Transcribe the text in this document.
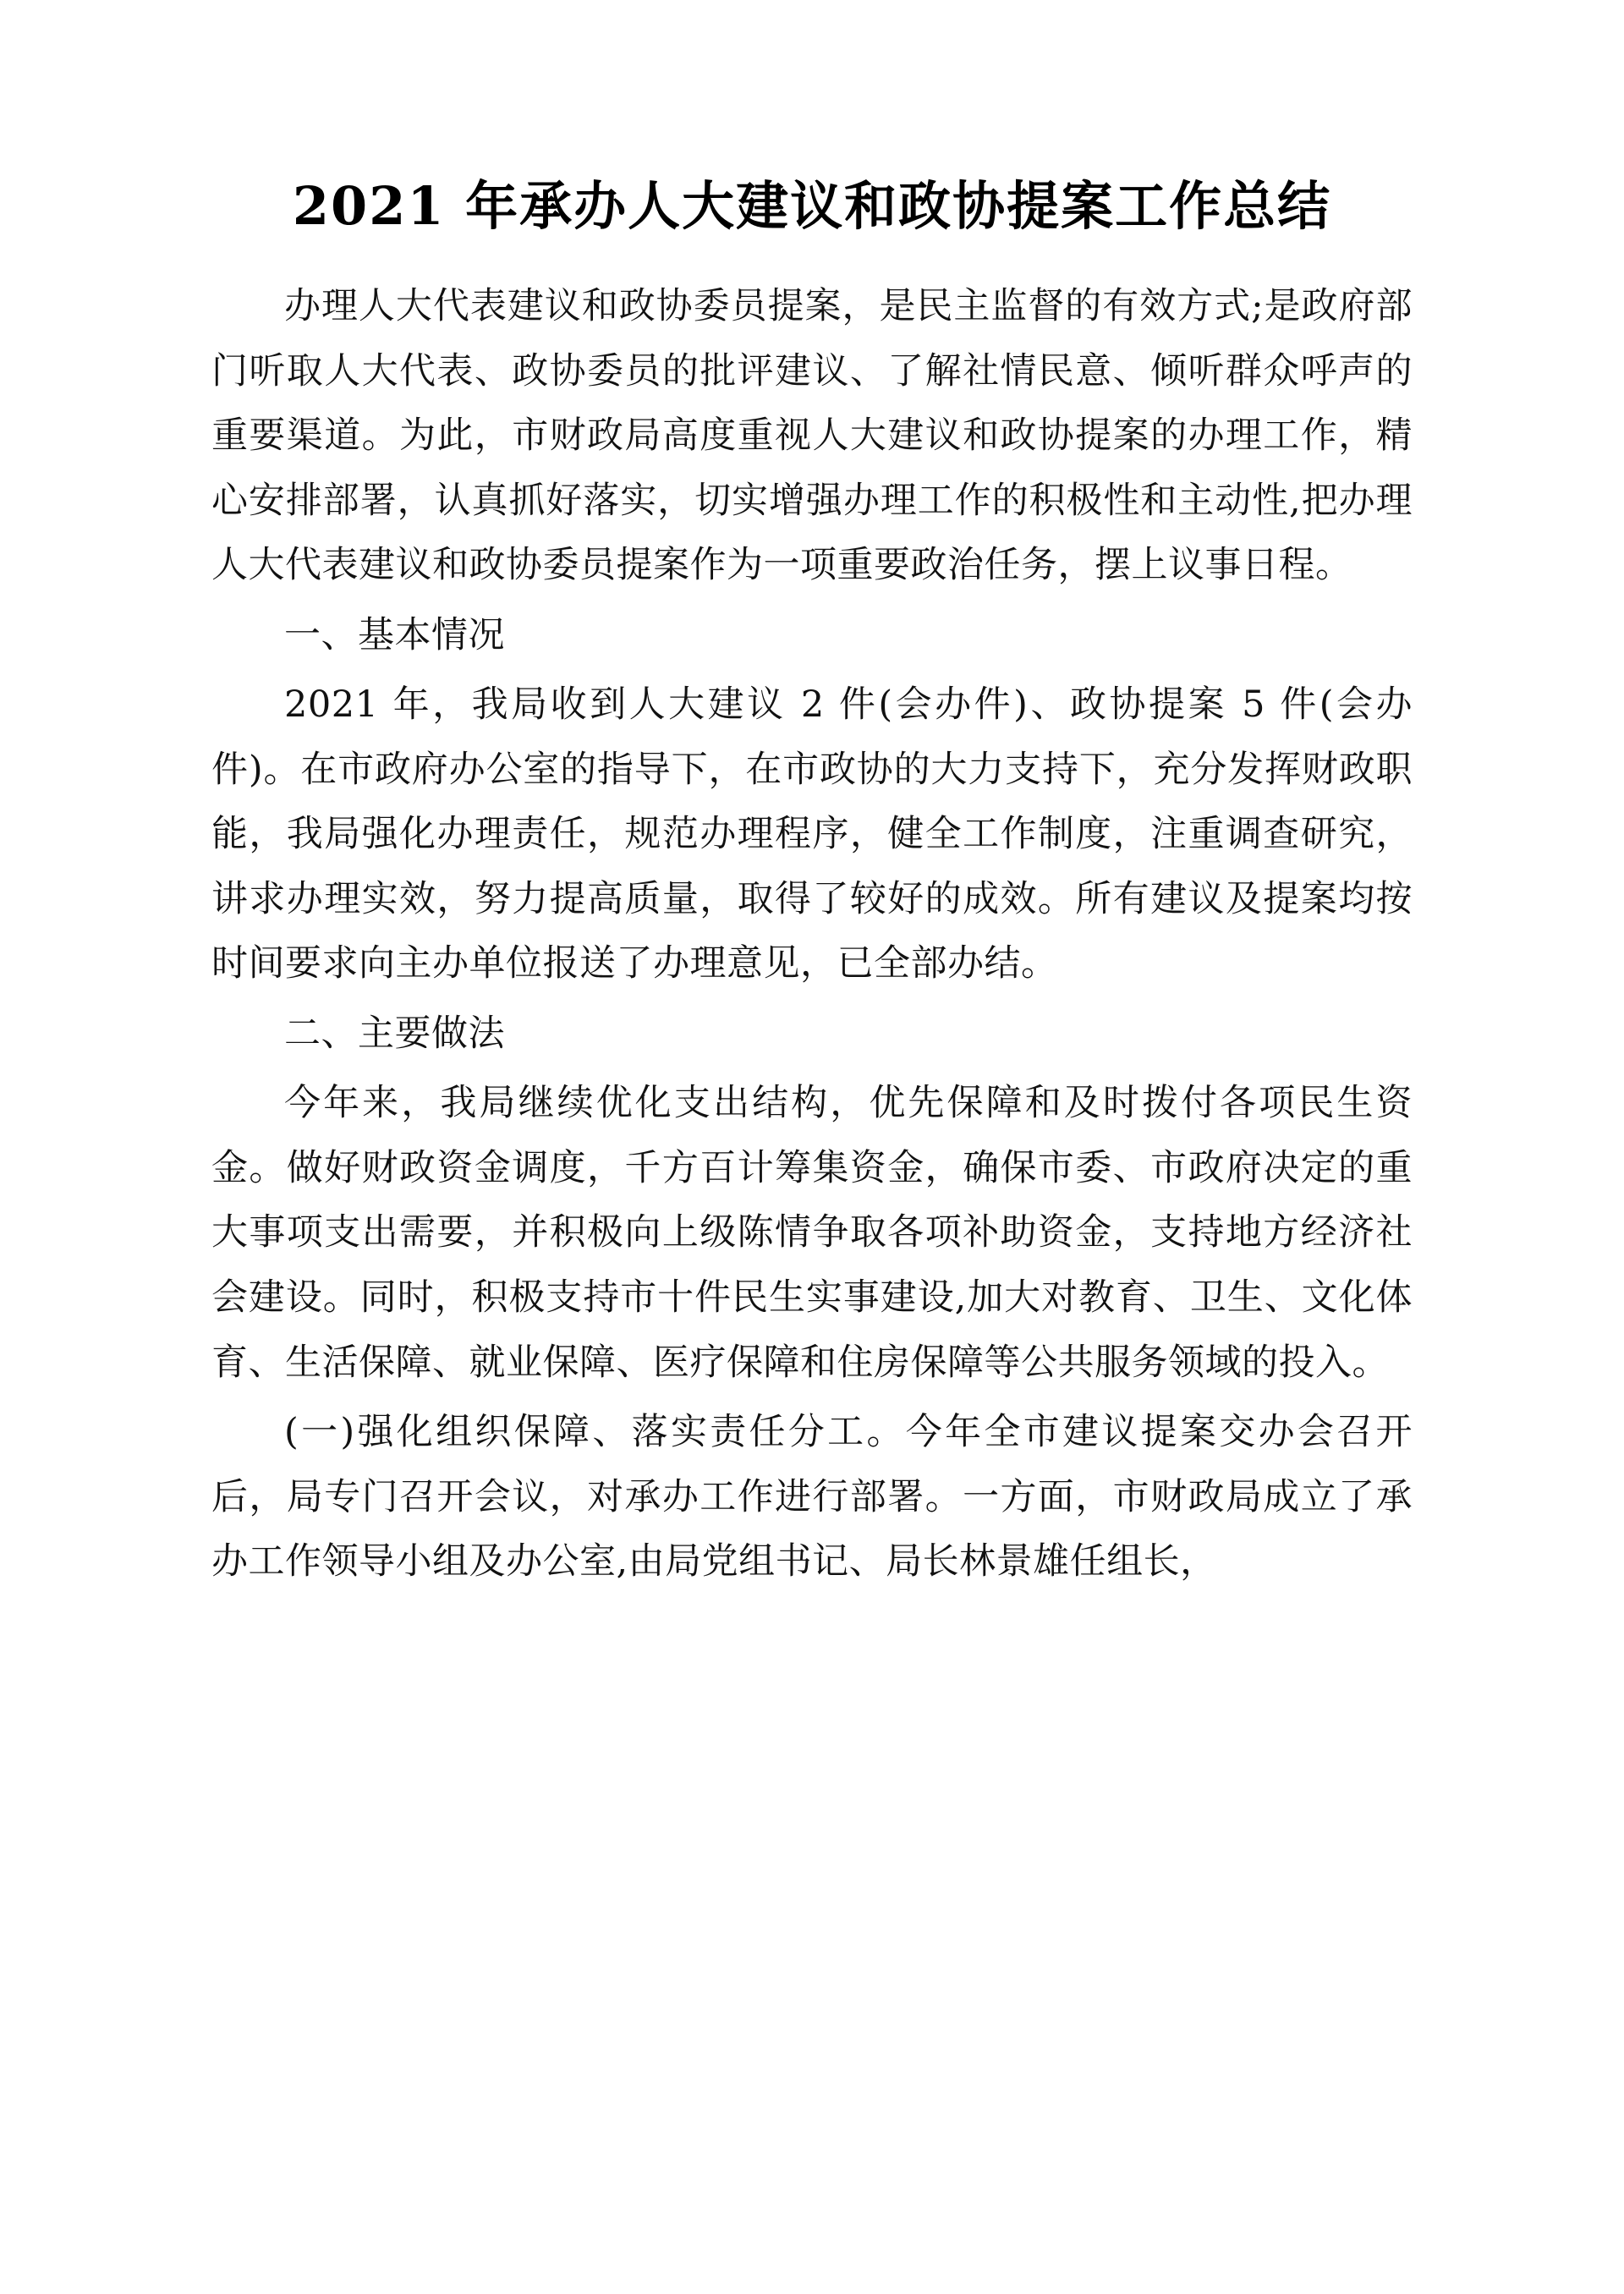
2021 年承办人大建议和政协提案工作总结

办理人大代表建议和政协委员提案，是民主监督的有效方式;是政府部门听取人大代表、政协委员的批评建议、了解社情民意、倾听群众呼声的重要渠道。为此，市财政局高度重视人大建议和政协提案的办理工作，精心安排部署，认真抓好落实，切实增强办理工作的积极性和主动性,把办理人大代表建议和政协委员提案作为一项重要政治任务，摆上议事日程。

一、基本情况

2021 年，我局收到人大建议 2 件(会办件)、政协提案 5 件(会办件)。在市政府办公室的指导下，在市政协的大力支持下，充分发挥财政职能，我局强化办理责任，规范办理程序，健全工作制度，注重调查研究，讲求办理实效，努力提高质量，取得了较好的成效。所有建议及提案均按时间要求向主办单位报送了办理意见，已全部办结。

二、主要做法

今年来，我局继续优化支出结构，优先保障和及时拨付各项民生资金。做好财政资金调度，千方百计筹集资金，确保市委、市政府决定的重大事项支出需要，并积极向上级陈情争取各项补助资金，支持地方经济社会建设。同时，积极支持市十件民生实事建设,加大对教育、卫生、文化体育、生活保障、就业保障、医疗保障和住房保障等公共服务领域的投入。

(一)强化组织保障、落实责任分工。今年全市建议提案交办会召开后，局专门召开会议，对承办工作进行部署。一方面，市财政局成立了承办工作领导小组及办公室,由局党组书记、局长林景雄任组长，
